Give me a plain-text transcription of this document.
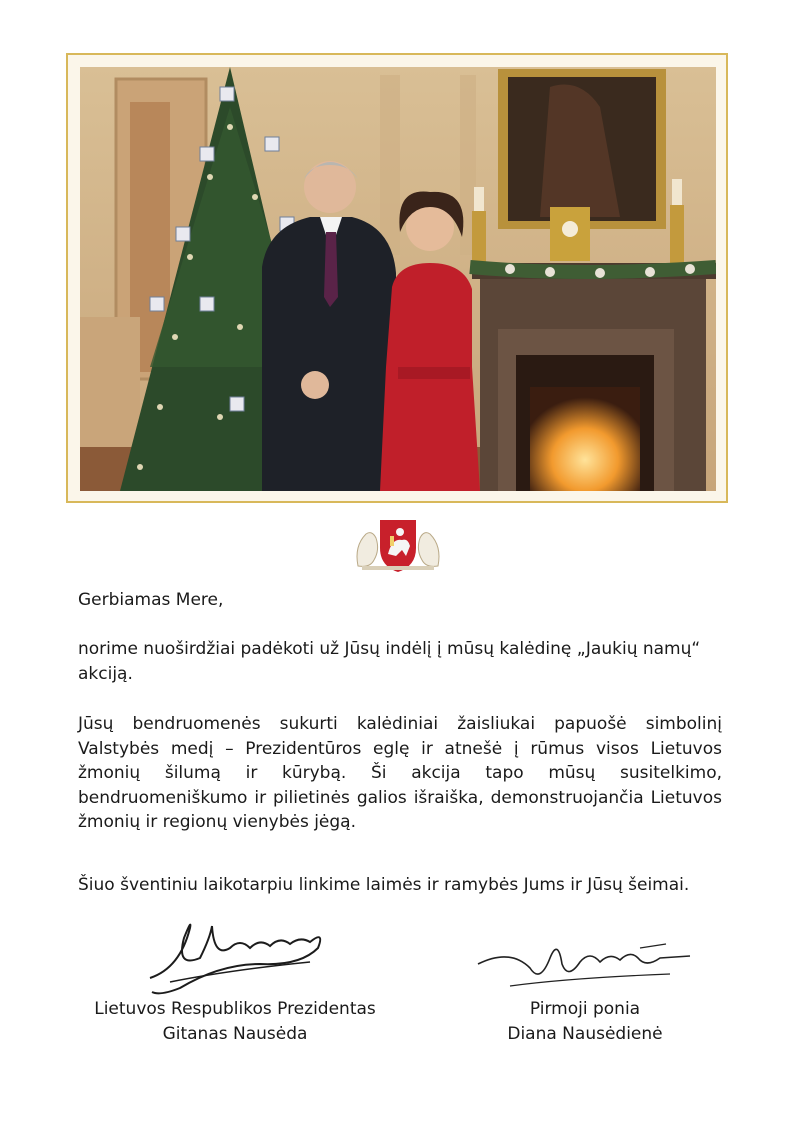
Gerbiamas Mere,

norime nuoširdžiai padėkoti už Jūsų indėlį į mūsų kalėdinę „Jaukių namų“ akciją.

Jūsų bendruomenės sukurti kalėdiniai žaisliukai papuošė simbolinį Valstybės medį – Prezidentūros eglę ir atnešė į rūmus visos Lietuvos žmonių šilumą ir kūrybą. Ši akcija tapo mūsų susitelkimo, bendruomeniškumo ir pilietinės galios išraiška, demonstruojančia Lietuvos žmonių ir regionų vienybės jėgą.

Šiuo šventiniu laikotarpiu linkime laimės ir ramybės Jums ir Jūsų šeimai.

Lietuvos Respublikos Prezidentas
Gitanas Nausėda
Pirmoji ponia
Diana Nausėdienė
